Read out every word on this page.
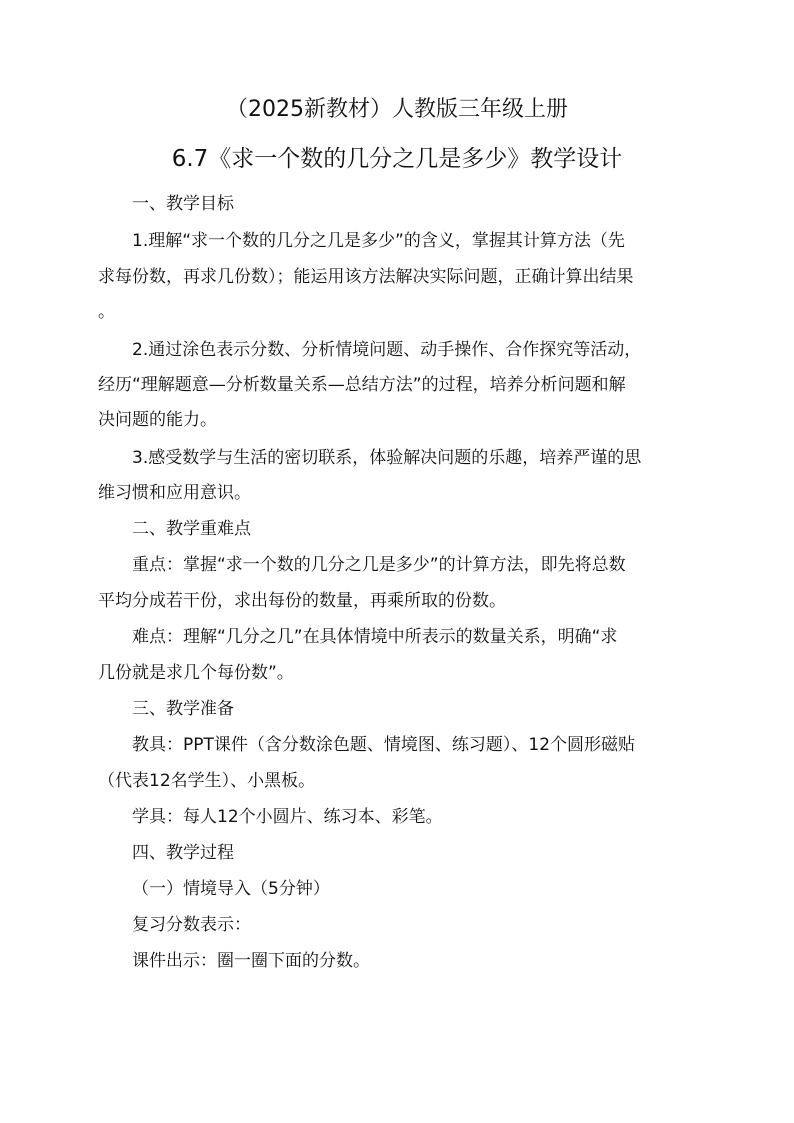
（2025新教材）人教版三年级上册
6.7《求一个数的几分之几是多少》教学设计
一、教学目标
1.理解“求一个数的几分之几是多少”的含义，掌握其计算方法（先
求每份数，再求几份数）；能运用该方法解决实际问题，正确计算出结果
。
2.通过涂色表示分数、分析情境问题、动手操作、合作探究等活动，
经历“理解题意—分析数量关系—总结方法”的过程，培养分析问题和解
决问题的能力。
3.感受数学与生活的密切联系，体验解决问题的乐趣，培养严谨的思
维习惯和应用意识。
二、教学重难点
重点：掌握“求一个数的几分之几是多少”的计算方法，即先将总数
平均分成若干份，求出每份的数量，再乘所取的份数。
难点：理解“几分之几”在具体情境中所表示的数量关系，明确“求
几份就是求几个每份数”。
三、教学准备
教具：PPT课件（含分数涂色题、情境图、练习题）、12个圆形磁贴
（代表12名学生）、小黑板。
学具：每人12个小圆片、练习本、彩笔。
四、教学过程
（一）情境导入（5分钟）
复习分数表示：
课件出示：圈一圈下面的分数。
